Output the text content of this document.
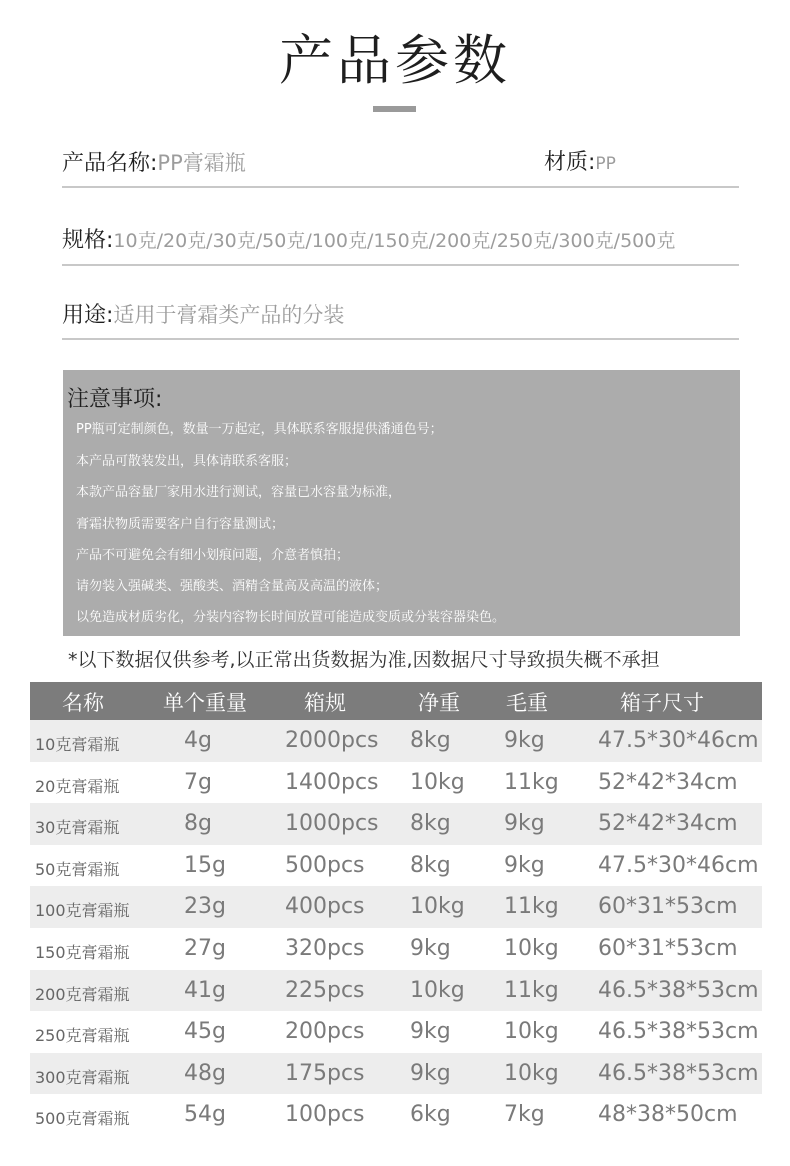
产品参数
产品名称:PP膏霜瓶	材质:PP
规格:10克/20克/30克/50克/100克/150克/200克/250克/300克/500克
用途:适用于膏霜类产品的分装
注意事项:
PP瓶可定制颜色，数量一万起定，具体联系客服提供潘通色号；
本产品可散装发出，具体请联系客服；
本款产品容量厂家用水进行测试，容量已水容量为标准，
膏霜状物质需要客户自行容量测试；
产品不可避免会有细小划痕问题，介意者慎拍；
请勿装入强碱类、强酸类、酒精含量高及高温的液体；
以免造成材质劣化，分装内容物长时间放置可能造成变质或分装容器染色。
*以下数据仅供参考,以正常出货数据为准,因数据尺寸导致损失概不承担
名称	单个重量	箱规	净重 毛重	箱子尺寸
10克膏霜瓶	4g	2000pcs 8kg 9kg 47.5*30*46cm
20克膏霜瓶	7g	1400pcs 10kg 11kg 52*42*34cm
30克膏霜瓶	8g	1000pcs 8kg 9kg 52*42*34cm
50克膏霜瓶	15g	500pcs 8kg 9kg 47.5*30*46cm
100克膏霜瓶 23g	400pcs 10kg 11kg 60*31*53cm
150克膏霜瓶 27g	320pcs 9kg 10kg 60*31*53cm
200克膏霜瓶 41g	225pcs 10kg 11kg 46.5*38*53cm
250克膏霜瓶 45g	200pcs 9kg 10kg 46.5*38*53cm
300克膏霜瓶 48g	175pcs 9kg 10kg 46.5*38*53cm
500克膏霜瓶 54g	100pcs 6kg 7kg 48*38*50cm
